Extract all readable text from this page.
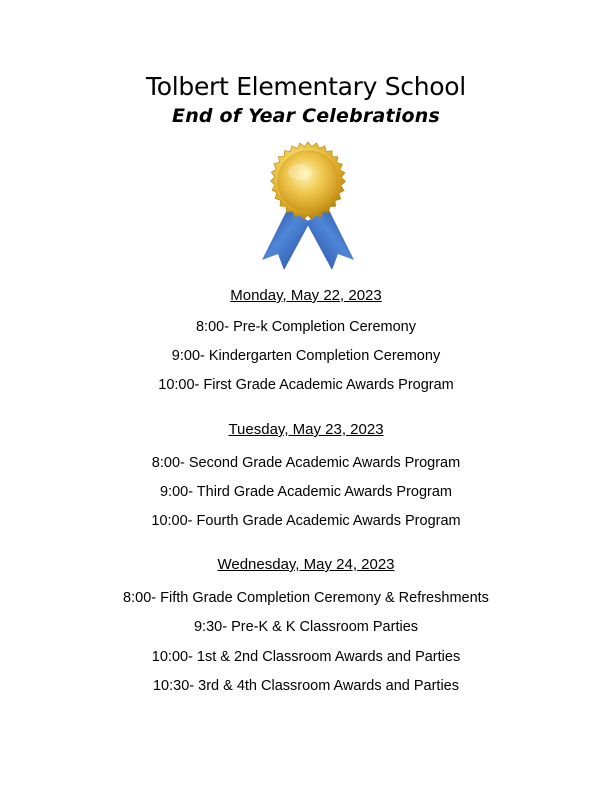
Tolbert Elementary School
End of Year Celebrations
Monday, May 22, 2023
8:00- Pre-k Completion Ceremony
9:00- Kindergarten Completion Ceremony
10:00- First Grade Academic Awards Program
Tuesday, May 23, 2023
8:00- Second Grade Academic Awards Program
9:00- Third Grade Academic Awards Program
10:00- Fourth Grade Academic Awards Program
Wednesday, May 24, 2023
8:00- Fifth Grade Completion Ceremony & Refreshments
9:30- Pre-K & K Classroom Parties
10:00- 1st & 2nd Classroom Awards and Parties
10:30- 3rd & 4th Classroom Awards and Parties
